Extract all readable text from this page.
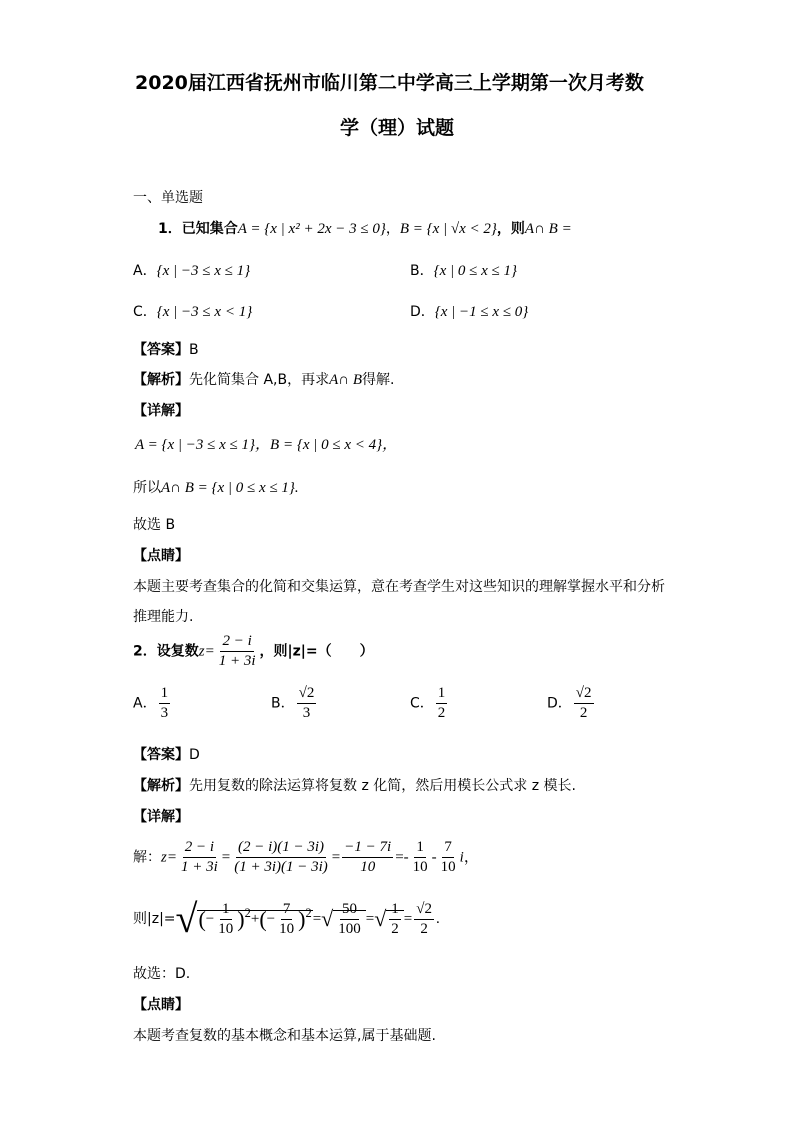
2020届江西省抚州市临川第二中学高三上学期第一次月考数
学（理）试题
一、单选题
1．已知集合A = {x | x² + 2x − 3 ≤ 0}，B = {x | √x < 2}，则A∩ B =
A．{x | −3 ≤ x ≤ 1}	B．{x | 0 ≤ x ≤ 1}
C．{x | −3 ≤ x < 1}	D．{x | −1 ≤ x ≤ 0}
【答案】B
【解析】先化简集合 A,B，再求A∩ B得解.
【详解】
A = {x | −3 ≤ x ≤ 1}，B = {x | 0 ≤ x < 4}，
所以A∩ B = {x | 0 ≤ x ≤ 1}.
故选 B
【点睛】
本题主要考查集合的化简和交集运算，意在考查学生对这些知识的理解掌握水平和分析
推理能力.
2．设复数$z= \frac{2 - i}{1 + 3i}$ ，则|z|=（　　）
A． $\frac{1}{3}$	B． $\frac{√2}{3}$	C． $\frac{1}{2}$	D． $\frac{√2}{2}$
【答案】D
【解析】先用复数的除法运算将复数 z 化简，然后用模长公式求 z 模长.
【详解】
解：$z= \frac{2 - i}{1 + 3i} = \frac{(2 - i)(1 - 3i)}{(1 + 3i)(1 - 3i)} = \frac{-1 - 7i}{10} =- \frac{1}{10} - \frac{7}{10}$ i，
则$|z|=√(- \frac{1}{10} )^2+(- \frac{7}{10} )^2=√ \frac{50}{100}$ =√ $\frac{1}{2} = \frac{√2}{2}$ .
故选：D.
【点睛】
本题考查复数的基本概念和基本运算,属于基础题.
